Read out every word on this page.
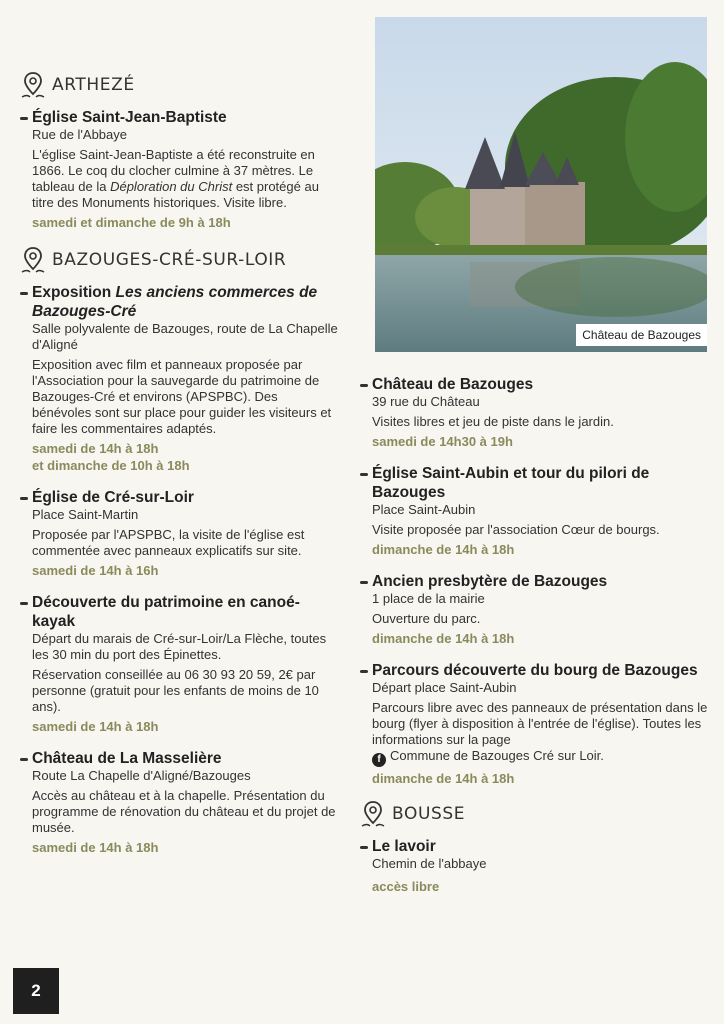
ARTHEZÉ
Église Saint-Jean-Baptiste
Rue de l'Abbaye
L'église Saint-Jean-Baptiste a été reconstruite en 1866. Le coq du clocher culmine à 37 mètres. Le tableau de la Déploration du Christ est protégé au titre des Monuments historiques. Visite libre.
samedi et dimanche de 9h à 18h
BAZOUGES-CRÉ-SUR-LOIR
Exposition Les anciens commerces de Bazouges-Cré
Salle polyvalente de Bazouges, route de La Chapelle d'Aligné
Exposition avec film et panneaux proposée par l'Association pour la sauvegarde du patrimoine de Bazouges-Cré et environs (APSPBC). Des bénévoles sont sur place pour guider les visiteurs et faire les commentaires adaptés.
samedi de 14h à 18h
et dimanche de 10h à 18h
Église de Cré-sur-Loir
Place Saint-Martin
Proposée par l'APSPBC, la visite de l'église est commentée avec panneaux explicatifs sur site.
samedi de 14h à 16h
Découverte du patrimoine en canoé-kayak
Départ du marais de Cré-sur-Loir/La Flèche, toutes les 30 min du port des Épinettes.
Réservation conseillée au 06 30 93 20 59, 2€ par personne (gratuit pour les enfants de moins de 10 ans).
samedi de 14h à 18h
Château de La Masselière
Route La Chapelle d'Aligné/Bazouges
Accès au château et à la chapelle. Présentation du programme de rénovation du château et du projet de musée.
samedi de 14h à 18h
Château de Bazouges
Château de Bazouges
39 rue du Château
Visites libres et jeu de piste dans le jardin.
samedi de 14h30 à 19h
Église Saint-Aubin et tour du pilori de Bazouges
Place Saint-Aubin
Visite proposée par l'association Cœur de bourgs.
dimanche de 14h à 18h
Ancien presbytère de Bazouges
1 place de la mairie
Ouverture du parc.
dimanche de 14h à 18h
Parcours découverte du bourg de Bazouges
Départ place Saint-Aubin
Parcours libre avec des panneaux de présentation dans le bourg (flyer à disposition à l'entrée de l'église). Toutes les informations sur la page
f Commune de Bazouges Cré sur Loir.
dimanche de 14h à 18h
BOUSSE
Le lavoir
Chemin de l'abbaye
accès libre
2
